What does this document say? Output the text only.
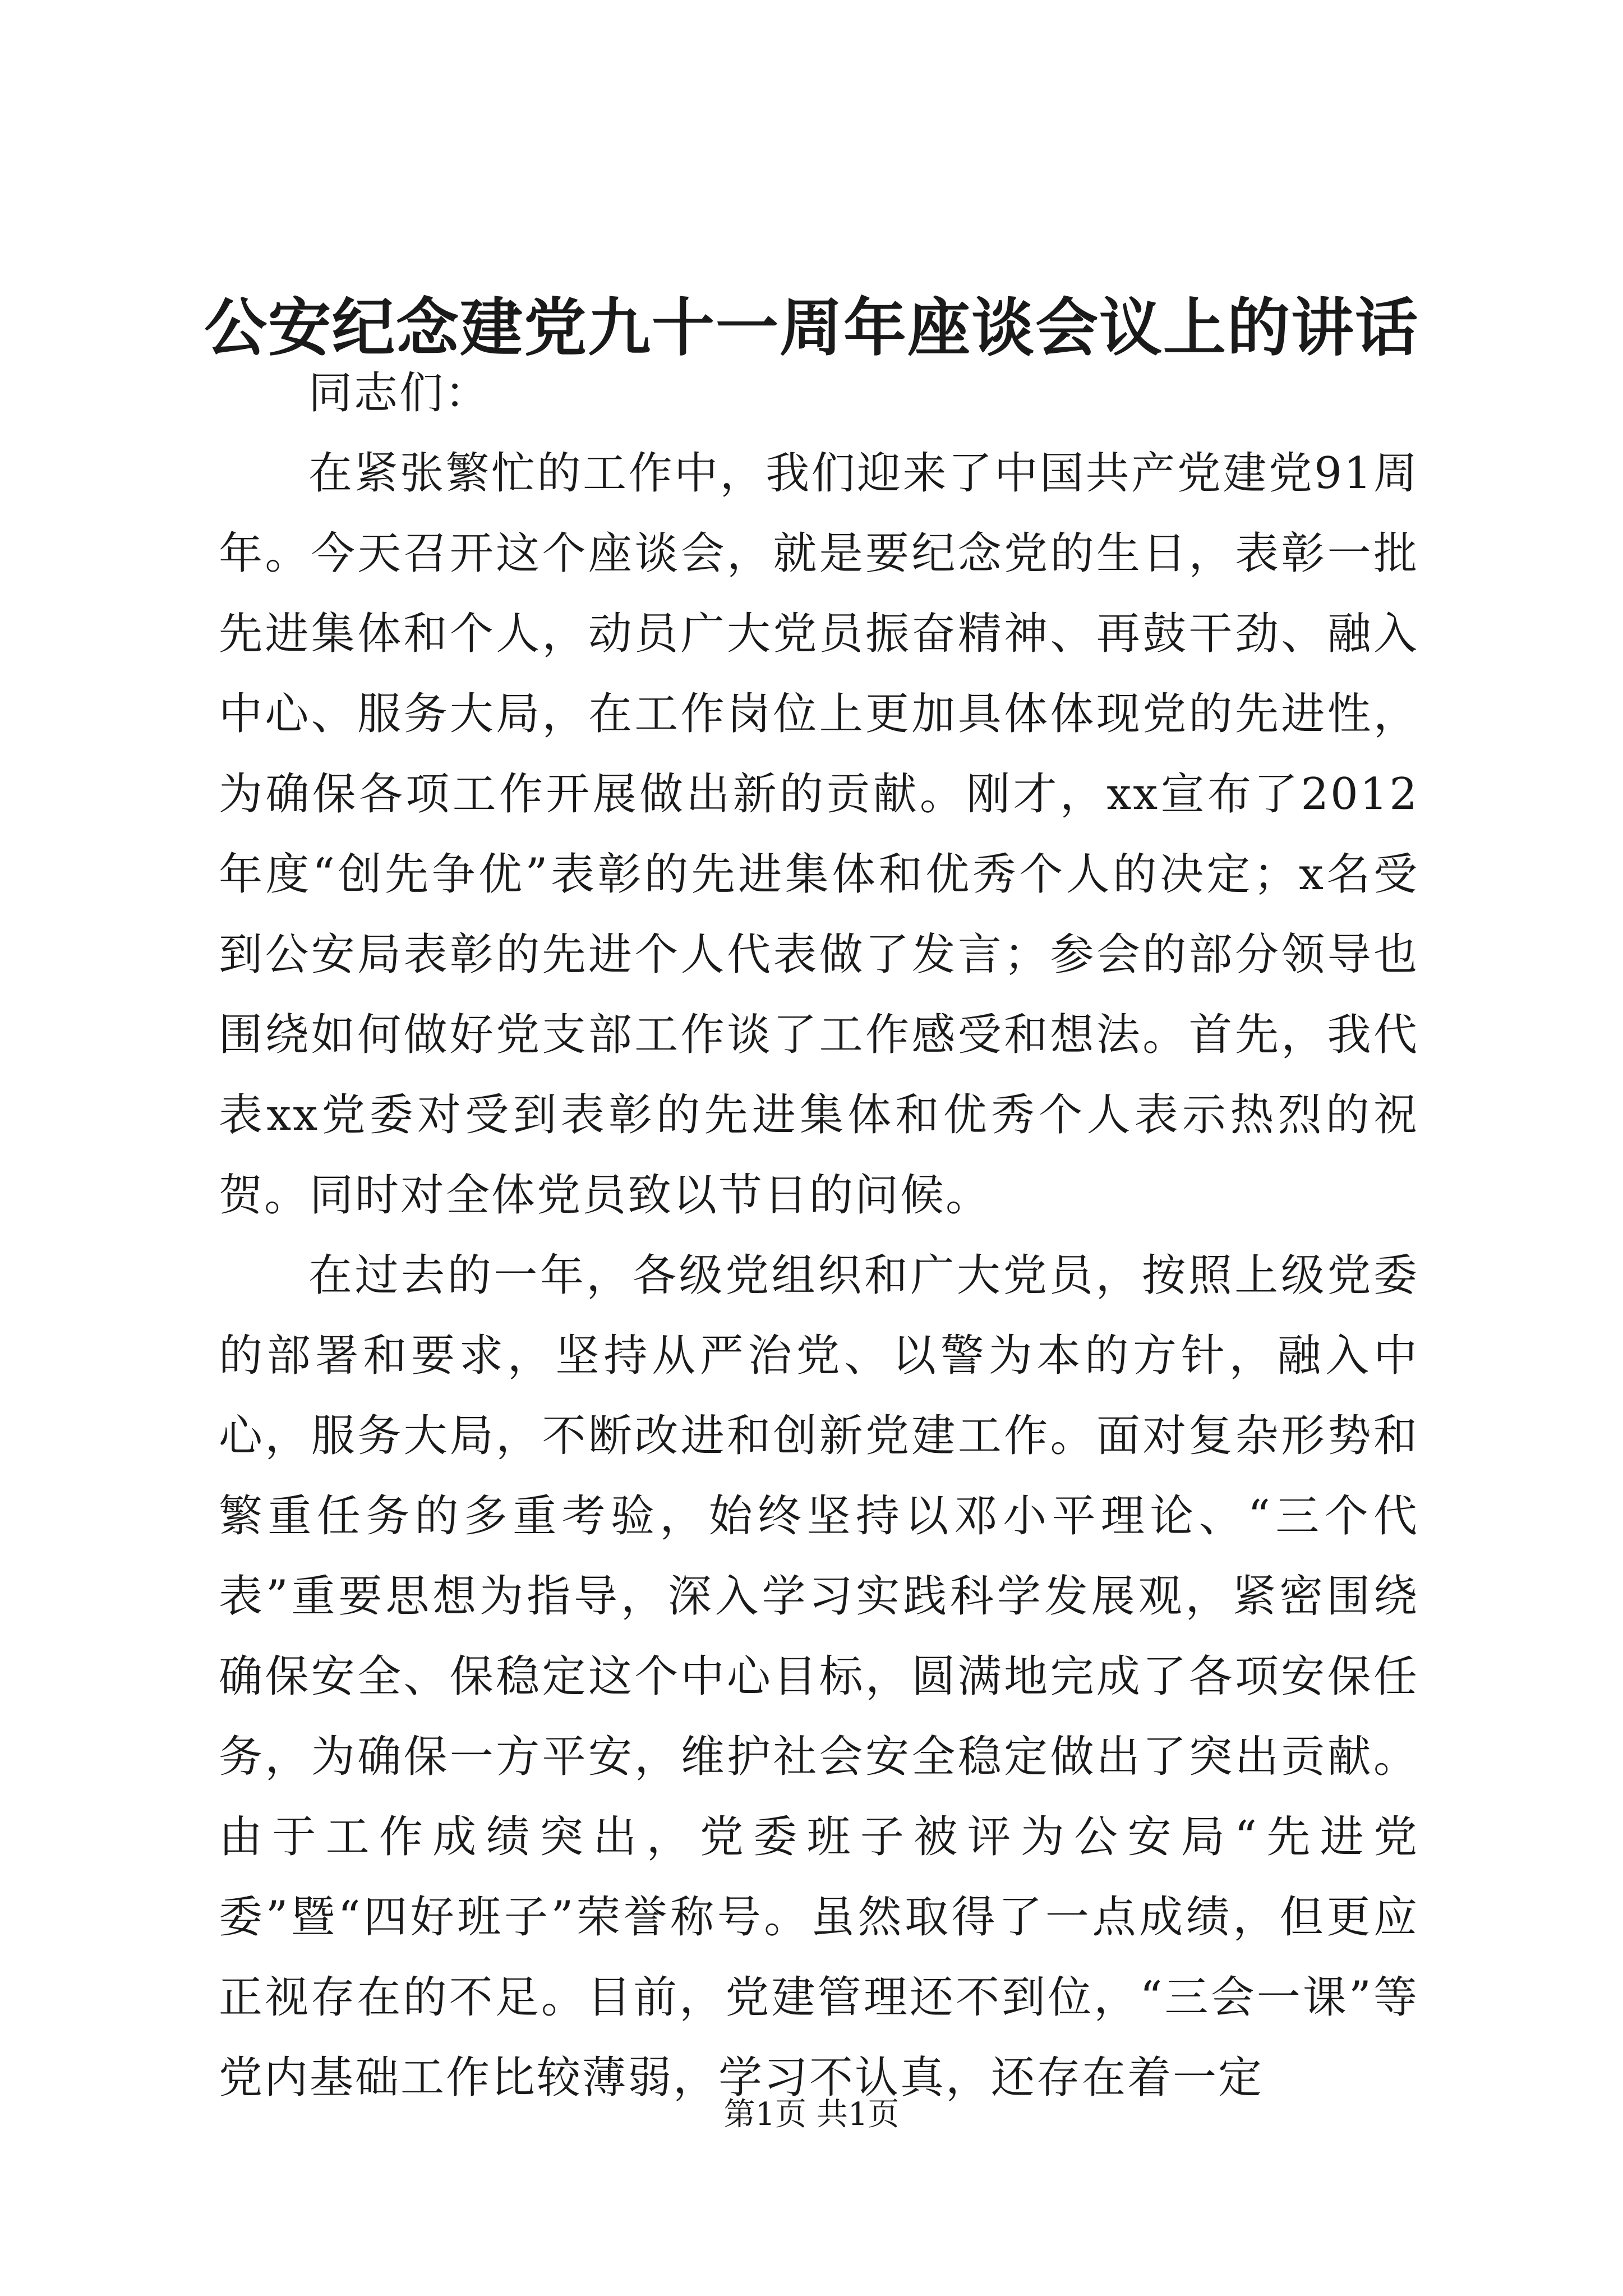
公安纪念建党九十一周年座谈会议上的讲话

同志们：

在紧张繁忙的工作中，我们迎来了中国共产党建党91周年。今天召开这个座谈会，就是要纪念党的生日，表彰一批先进集体和个人，动员广大党员振奋精神、再鼓干劲、融入中心、服务大局，在工作岗位上更加具体体现党的先进性，为确保各项工作开展做出新的贡献。刚才，xx宣布了2012年度“创先争优”表彰的先进集体和优秀个人的决定；x名受到公安局表彰的先进个人代表做了发言；参会的部分领导也围绕如何做好党支部工作谈了工作感受和想法。首先，我代表xx党委对受到表彰的先进集体和优秀个人表示热烈的祝贺。同时对全体党员致以节日的问候。

在过去的一年，各级党组织和广大党员，按照上级党委的部署和要求，坚持从严治党、以警为本的方针，融入中心，服务大局，不断改进和创新党建工作。面对复杂形势和繁重任务的多重考验，始终坚持以邓小平理论、“三个代表”重要思想为指导，深入学习实践科学发展观，紧密围绕确保安全、保稳定这个中心目标，圆满地完成了各项安保任务，为确保一方平安，维护社会安全稳定做出了突出贡献。由于工作成绩突出，党委班子被评为公安局“先进党委”暨“四好班子”荣誉称号。虽然取得了一点成绩，但更应正视存在的不足。目前，党建管理还不到位，“三会一课”等党内基础工作比较薄弱，学习不认真，还存在着一定

第1页 共1页
